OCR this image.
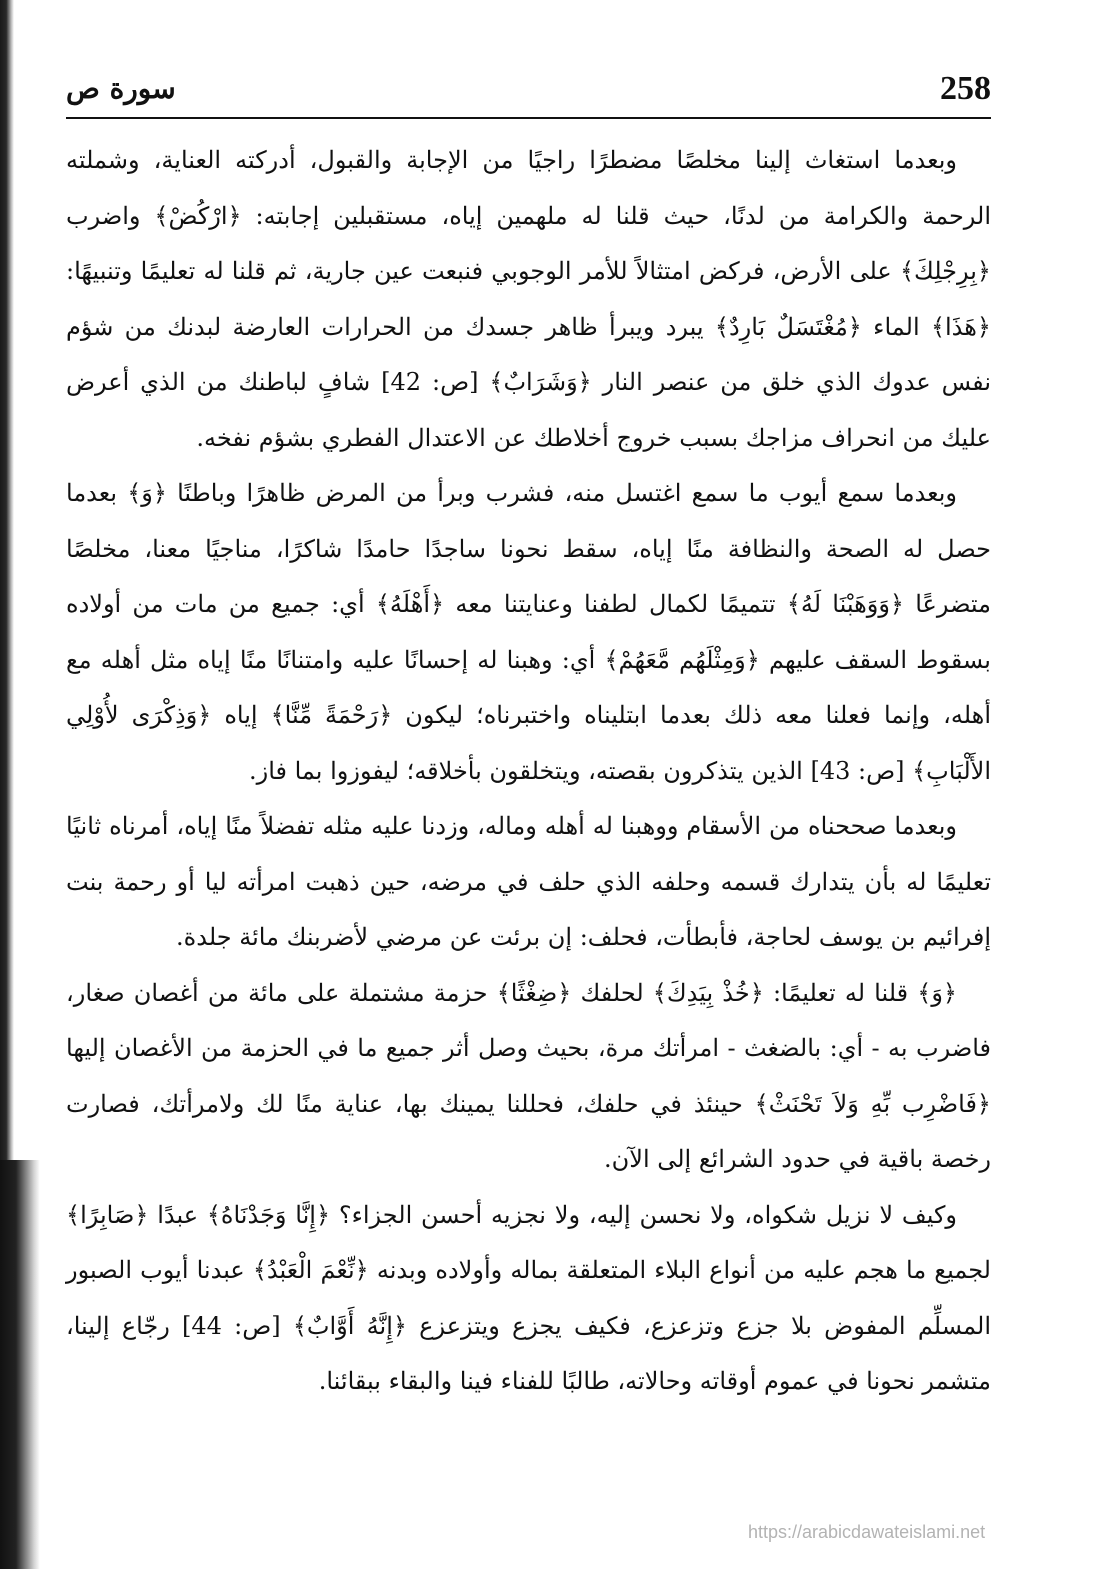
258
سورة ص

وبعدما استغاث إلينا مخلصًا مضطرًا راجيًا من الإجابة والقبول، أدركته العناية، وشملته الرحمة والكرامة من لدنًا، حيث قلنا له ملهمين إياه، مستقبلين إجابته: ﴿ارْكُضْ﴾ واضرب ﴿بِرِجْلِكَ﴾ على الأرض، فركض امتثالاً للأمر الوجوبي فنبعت عين جارية، ثم قلنا له تعليمًا وتنبيهًا: ﴿هَذَا﴾ الماء ﴿مُغْتَسَلٌ بَارِدٌ﴾ يبرد ويبرأ ظاهر جسدك من الحرارات العارضة لبدنك من شؤم نفس عدوك الذي خلق من عنصر النار ﴿وَشَرَابٌ﴾ [ص: 42] شافٍ لباطنك من الذي أعرض عليك من انحراف مزاجك بسبب خروج أخلاطك عن الاعتدال الفطري بشؤم نفخه.

وبعدما سمع أيوب ما سمع اغتسل منه، فشرب وبرأ من المرض ظاهرًا وباطنًا ﴿وَ﴾ بعدما حصل له الصحة والنظافة منًا إياه، سقط نحونا ساجدًا حامدًا شاكرًا، مناجيًا معنا، مخلصًا متضرعًا ﴿وَوَهَبْنَا لَهُ﴾ تتميمًا لكمال لطفنا وعنايتنا معه ﴿أَهْلَهُ﴾ أي: جميع من مات من أولاده بسقوط السقف عليهم ﴿وَمِثْلَهُم مَّعَهُمْ﴾ أي: وهبنا له إحسانًا عليه وامتنانًا منًا إياه مثل أهله مع أهله، وإنما فعلنا معه ذلك بعدما ابتليناه واختبرناه؛ ليكون ﴿رَحْمَةً مِّنَّا﴾ إياه ﴿وَذِكْرَى لأُوْلِي الأَلْبَابِ﴾ [ص: 43] الذين يتذكرون بقصته، ويتخلقون بأخلاقه؛ ليفوزوا بما فاز.

وبعدما صححناه من الأسقام ووهبنا له أهله وماله، وزدنا عليه مثله تفضلاً منًا إياه، أمرناه ثانيًا تعليمًا له بأن يتدارك قسمه وحلفه الذي حلف في مرضه، حين ذهبت امرأته ليا أو رحمة بنت إفرائيم بن يوسف لحاجة، فأبطأت، فحلف: إن برئت عن مرضي لأضربنك مائة جلدة.

﴿وَ﴾ قلنا له تعليمًا: ﴿خُذْ بِيَدِكَ﴾ لحلفك ﴿ضِغْثًا﴾ حزمة مشتملة على مائة من أغصان صغار، فاضرب به - أي: بالضغث - امرأتك مرة، بحيث وصل أثر جميع ما في الحزمة من الأغصان إليها ﴿فَاضْرِب بِّهِ وَلاَ تَحْنَثْ﴾ حينئذ في حلفك، فحللنا يمينك بها، عناية منًا لك ولامرأتك، فصارت رخصة باقية في حدود الشرائع إلى الآن.

وكيف لا نزيل شكواه، ولا نحسن إليه، ولا نجزيه أحسن الجزاء؟ ﴿إِنَّا وَجَدْنَاهُ﴾ عبدًا ﴿صَابِرًا﴾ لجميع ما هجم عليه من أنواع البلاء المتعلقة بماله وأولاده وبدنه ﴿نِّعْمَ الْعَبْدُ﴾ عبدنا أيوب الصبور المسلِّم المفوض بلا جزع وتزعزع، فكيف يجزع ويتزعزع ﴿إِنَّهُ أَوَّابٌ﴾ [ص: 44] رجّاع إلينا، متشمر نحونا في عموم أوقاته وحالاته، طالبًا للفناء فينا والبقاء ببقائنا.

https://arabicdawateislami.net
